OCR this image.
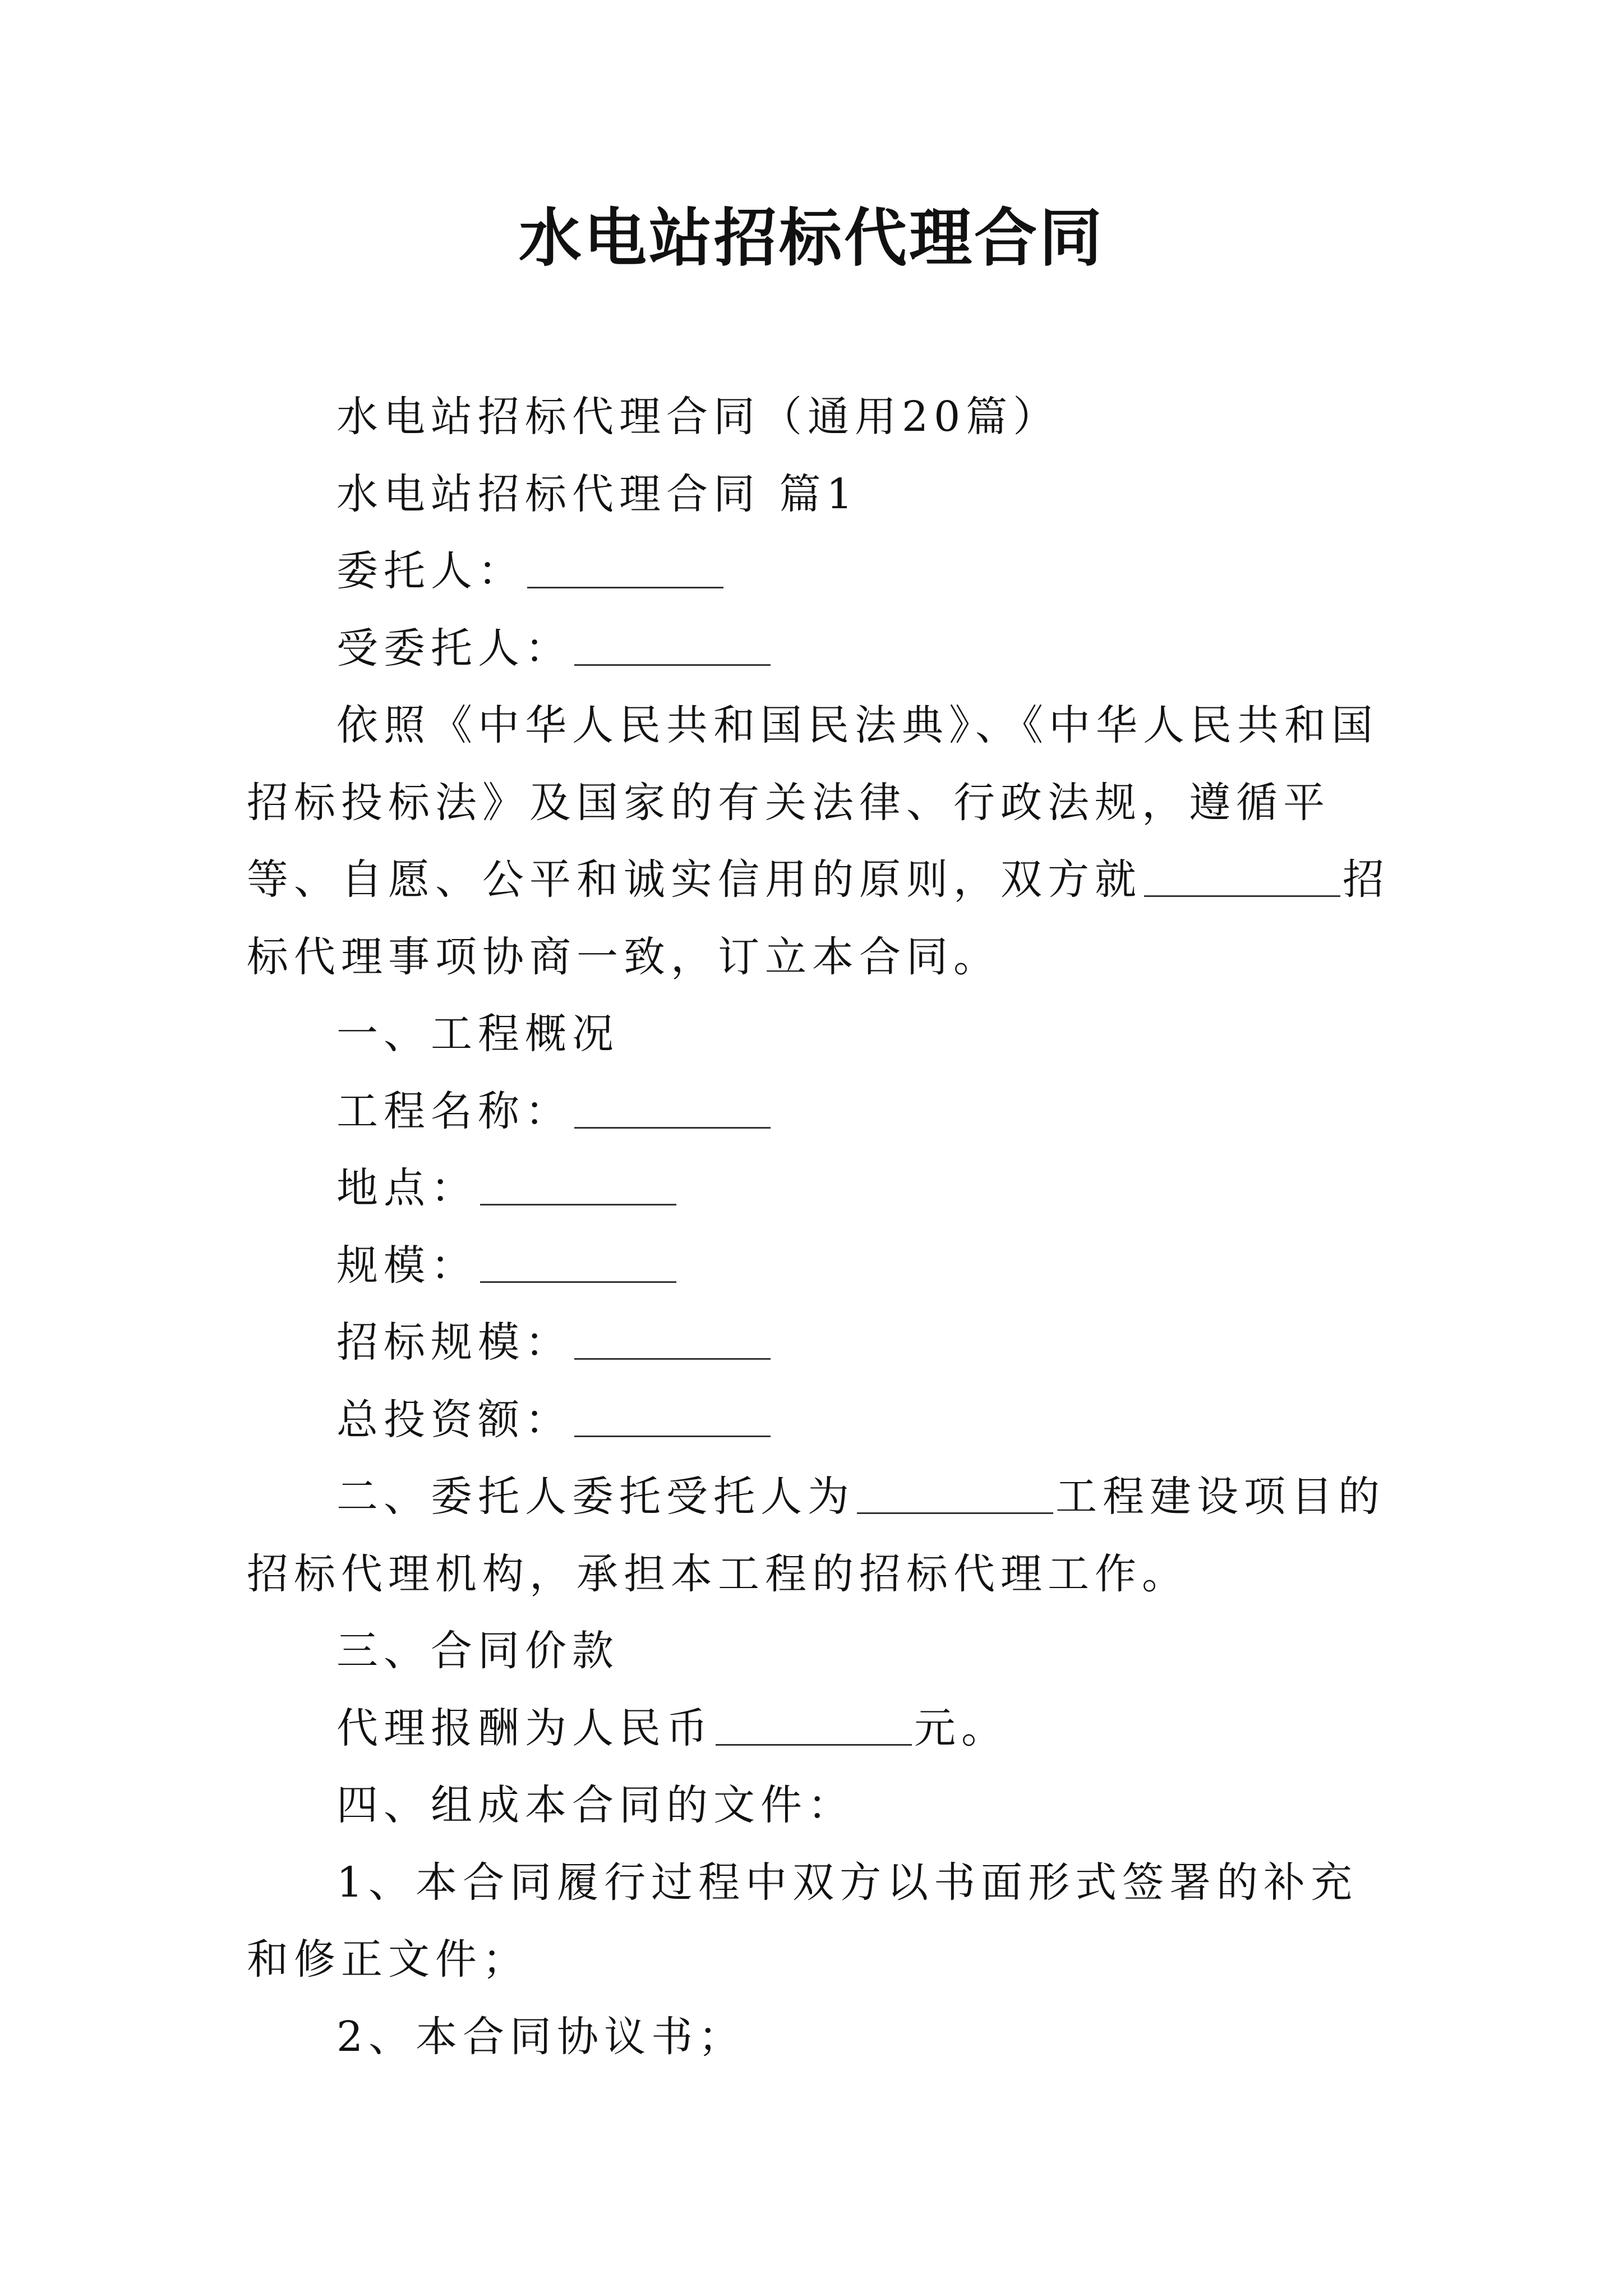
水电站招标代理合同

水电站招标代理合同（通用20篇）

水电站招标代理合同 篇1

委托人：

受委托人：

依照《中华人民共和国民法典》、《中华人民共和国招标投标法》及国家的有关法律、行政法规，遵循平等、自愿、公平和诚实信用的原则，双方就	招标代理事项协商一致，订立本合同。

一、工程概况

工程名称：

地点：

规模：

招标规模：

总投资额：

二、委托人委托受托人为	工程建设项目的招标代理机构，承担本工程的招标代理工作。

三、合同价款

代理报酬为人民币	元。

四、组成本合同的文件：

1、本合同履行过程中双方以书面形式签署的补充和修正文件；

2、本合同协议书；
